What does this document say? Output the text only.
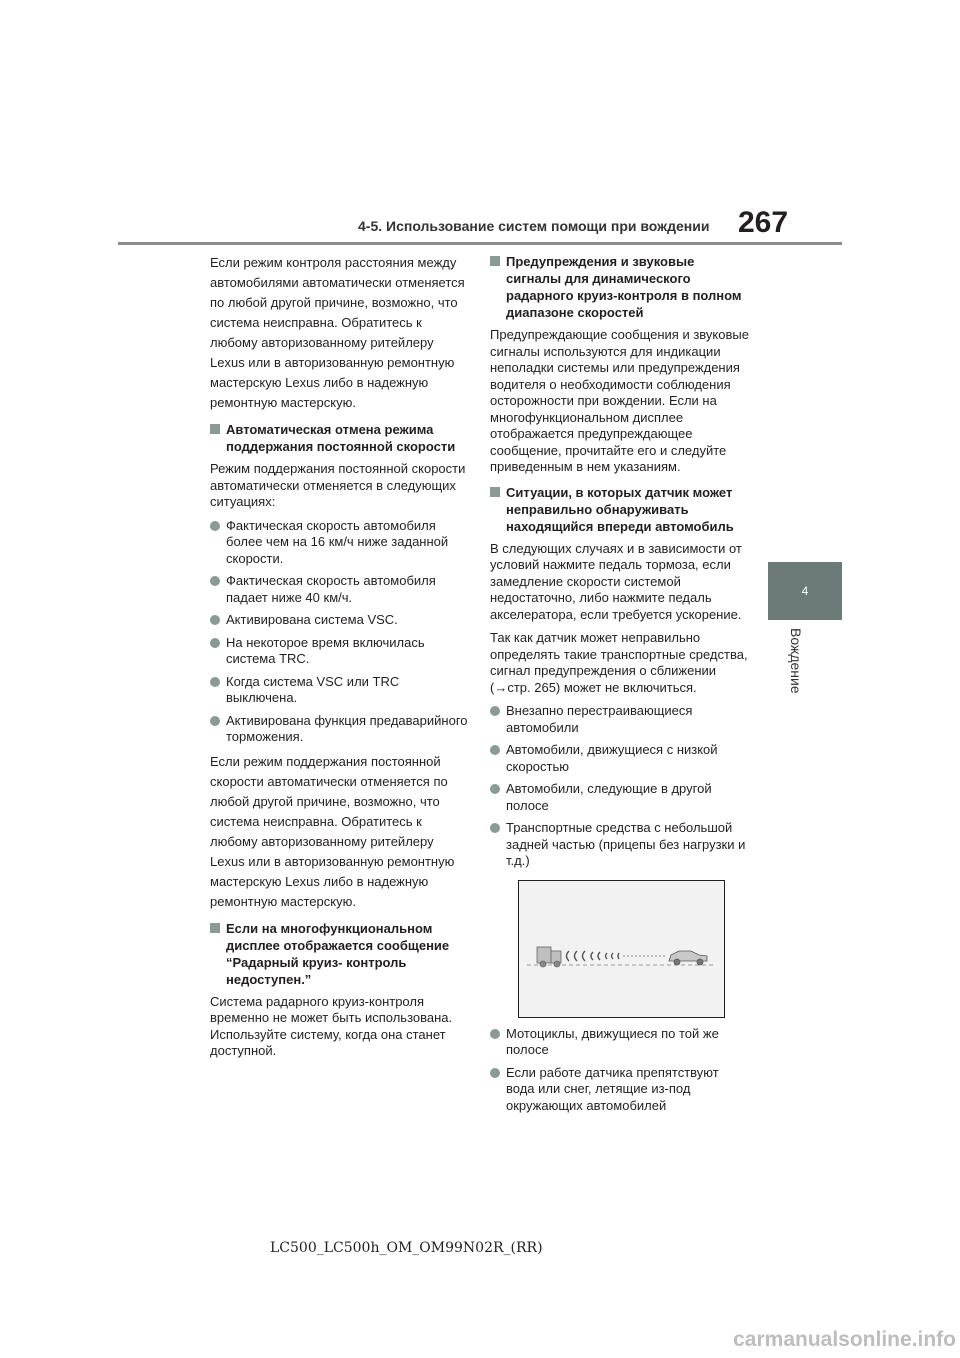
4-5. Использование систем помощи при вождении 267
4
Вождение

Если режим контроля расстояния между
автомобилями автоматически отменяется
по любой другой причине, возможно, что
система неисправна. Обратитесь к
любому авторизованному ритейлеру
Lexus или в авторизованную ремонтную
мастерскую Lexus либо в надежную
ремонтную мастерскую.

Автоматическая отмена режима поддержания постоянной скорости

Режим поддержания постоянной скорости автоматически отменяется в следующих ситуациях:

Фактическая скорость автомобиля более чем на 16 км/ч ниже заданной скорости.
Фактическая скорость автомобиля падает ниже 40 км/ч.
Активирована система VSC.
На некоторое время включилась система TRC.
Когда система VSC или TRC выключена.
Активирована функция предаварийного торможения.

Если режим поддержания постоянной
скорости автоматически отменяется по
любой другой причине, возможно, что
система неисправна. Обратитесь к
любому авторизованному ритейлеру
Lexus или в авторизованную ремонтную
мастерскую Lexus либо в надежную
ремонтную мастерскую.

Если на многофункциональном дисплее отображается сообщение “Радарный круиз- контроль недоступен.”

Система радарного круиз-контроля временно не может быть использована. Используйте систему, когда она станет доступной.

Предупреждения и звуковые сигналы для динамического радарного круиз-контроля в полном диапазоне скоростей

Предупреждающие сообщения и звуковые сигналы используются для индикации неполадки системы или предупреждения водителя о необходимости соблюдения осторожности при вождении. Если на многофункциональном дисплее отображается предупреждающее сообщение, прочитайте его и следуйте приведенным в нем указаниям.

Ситуации, в которых датчик может неправильно обнаруживать находящийся впереди автомобиль

В следующих случаях и в зависимости от условий нажмите педаль тормоза, если замедление скорости системой недостаточно, либо нажмите педаль акселератора, если требуется ускорение.

Так как датчик может неправильно определять такие транспортные средства, сигнал предупреждения о сближении (→стр. 265) может не включиться.

Внезапно перестраивающиеся автомобили
Автомобили, движущиеся с низкой скоростью
Автомобили, следующие в другой полосе
Транспортные средства с небольшой задней частью (прицепы без нагрузки и т.д.)
Мотоциклы, движущиеся по той же полосе
Если работе датчика препятствуют вода или снег, летящие из-под окружающих автомобилей
LC500_LC500h_OM_OM99N02R_(RR)
carmanualsonline.info
